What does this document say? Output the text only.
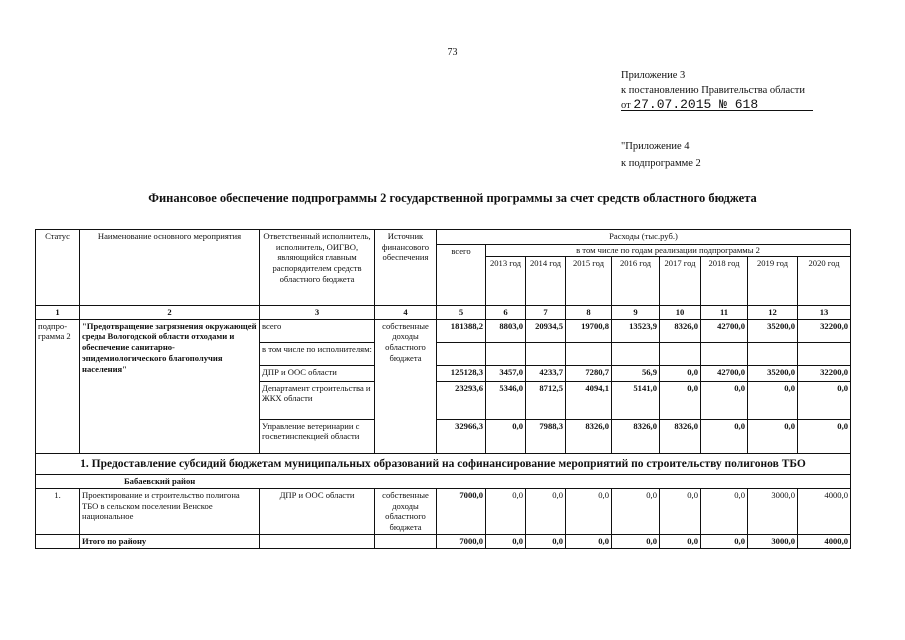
73
Приложение 3
к постановлению Правительства области
от 27.07.2015 № 618
"Приложение 4
к подпрограмме 2
Финансовое обеспечение подпрограммы 2 государственной программы за счет средств областного бюджета
Статус	Наименование основного мероприятия	Ответственный исполнитель, исполнитель, ОИГВО, являющийся главным распорядителем средств областного бюджета	Источник финансового обеспечения	Расходы (тыс.руб.)								
				всего	в том числе по годам реализации подпрограммы 2							
					2013 год	2014 год	2015 год	2016 год	2017 год	2018 год	2019 год	2020 год
1	2	3	4	5	6	7	8	9	10	11	12	13
подпро-грамма 2	"Предотвращение загрязнения окружающей среды Вологодской области отходами и обеспечение санитарно-эпидемиологического благополучия населения"	всего	собственные доходы областного бюджета	181388,2	8803,0	20934,5	19700,8	13523,9	8326,0	42700,0	35200,0	32200,0
		в том числе по исполнителям:										
		ДПР и ООС области		125128,3	3457,0	4233,7	7280,7	56,9	0,0	42700,0	35200,0	32200,0
		Департамент строительства и ЖКХ области		23293,6	5346,0	8712,5	4094,1	5141,0	0,0	0,0	0,0	0,0
		Управление ветеринарии с госветинспекцией области		32966,3	0,0	7988,3	8326,0	8326,0	8326,0	0,0	0,0	0,0
1. Предоставление субсидий бюджетам муниципальных образований на софинансирование мероприятий по строительству полигонов ТБО												
Бабаевский район												
1.	Проектирование и строительство полигона ТБО в сельском поселении Венское национальное	ДПР и ООС области	собственные доходы областного бюджета	7000,0	0,0	0,0	0,0	0,0	0,0	0,0	3000,0	4000,0
	Итого по району			7000,0	0,0	0,0	0,0	0,0	0,0	0,0	3000,0	4000,0
